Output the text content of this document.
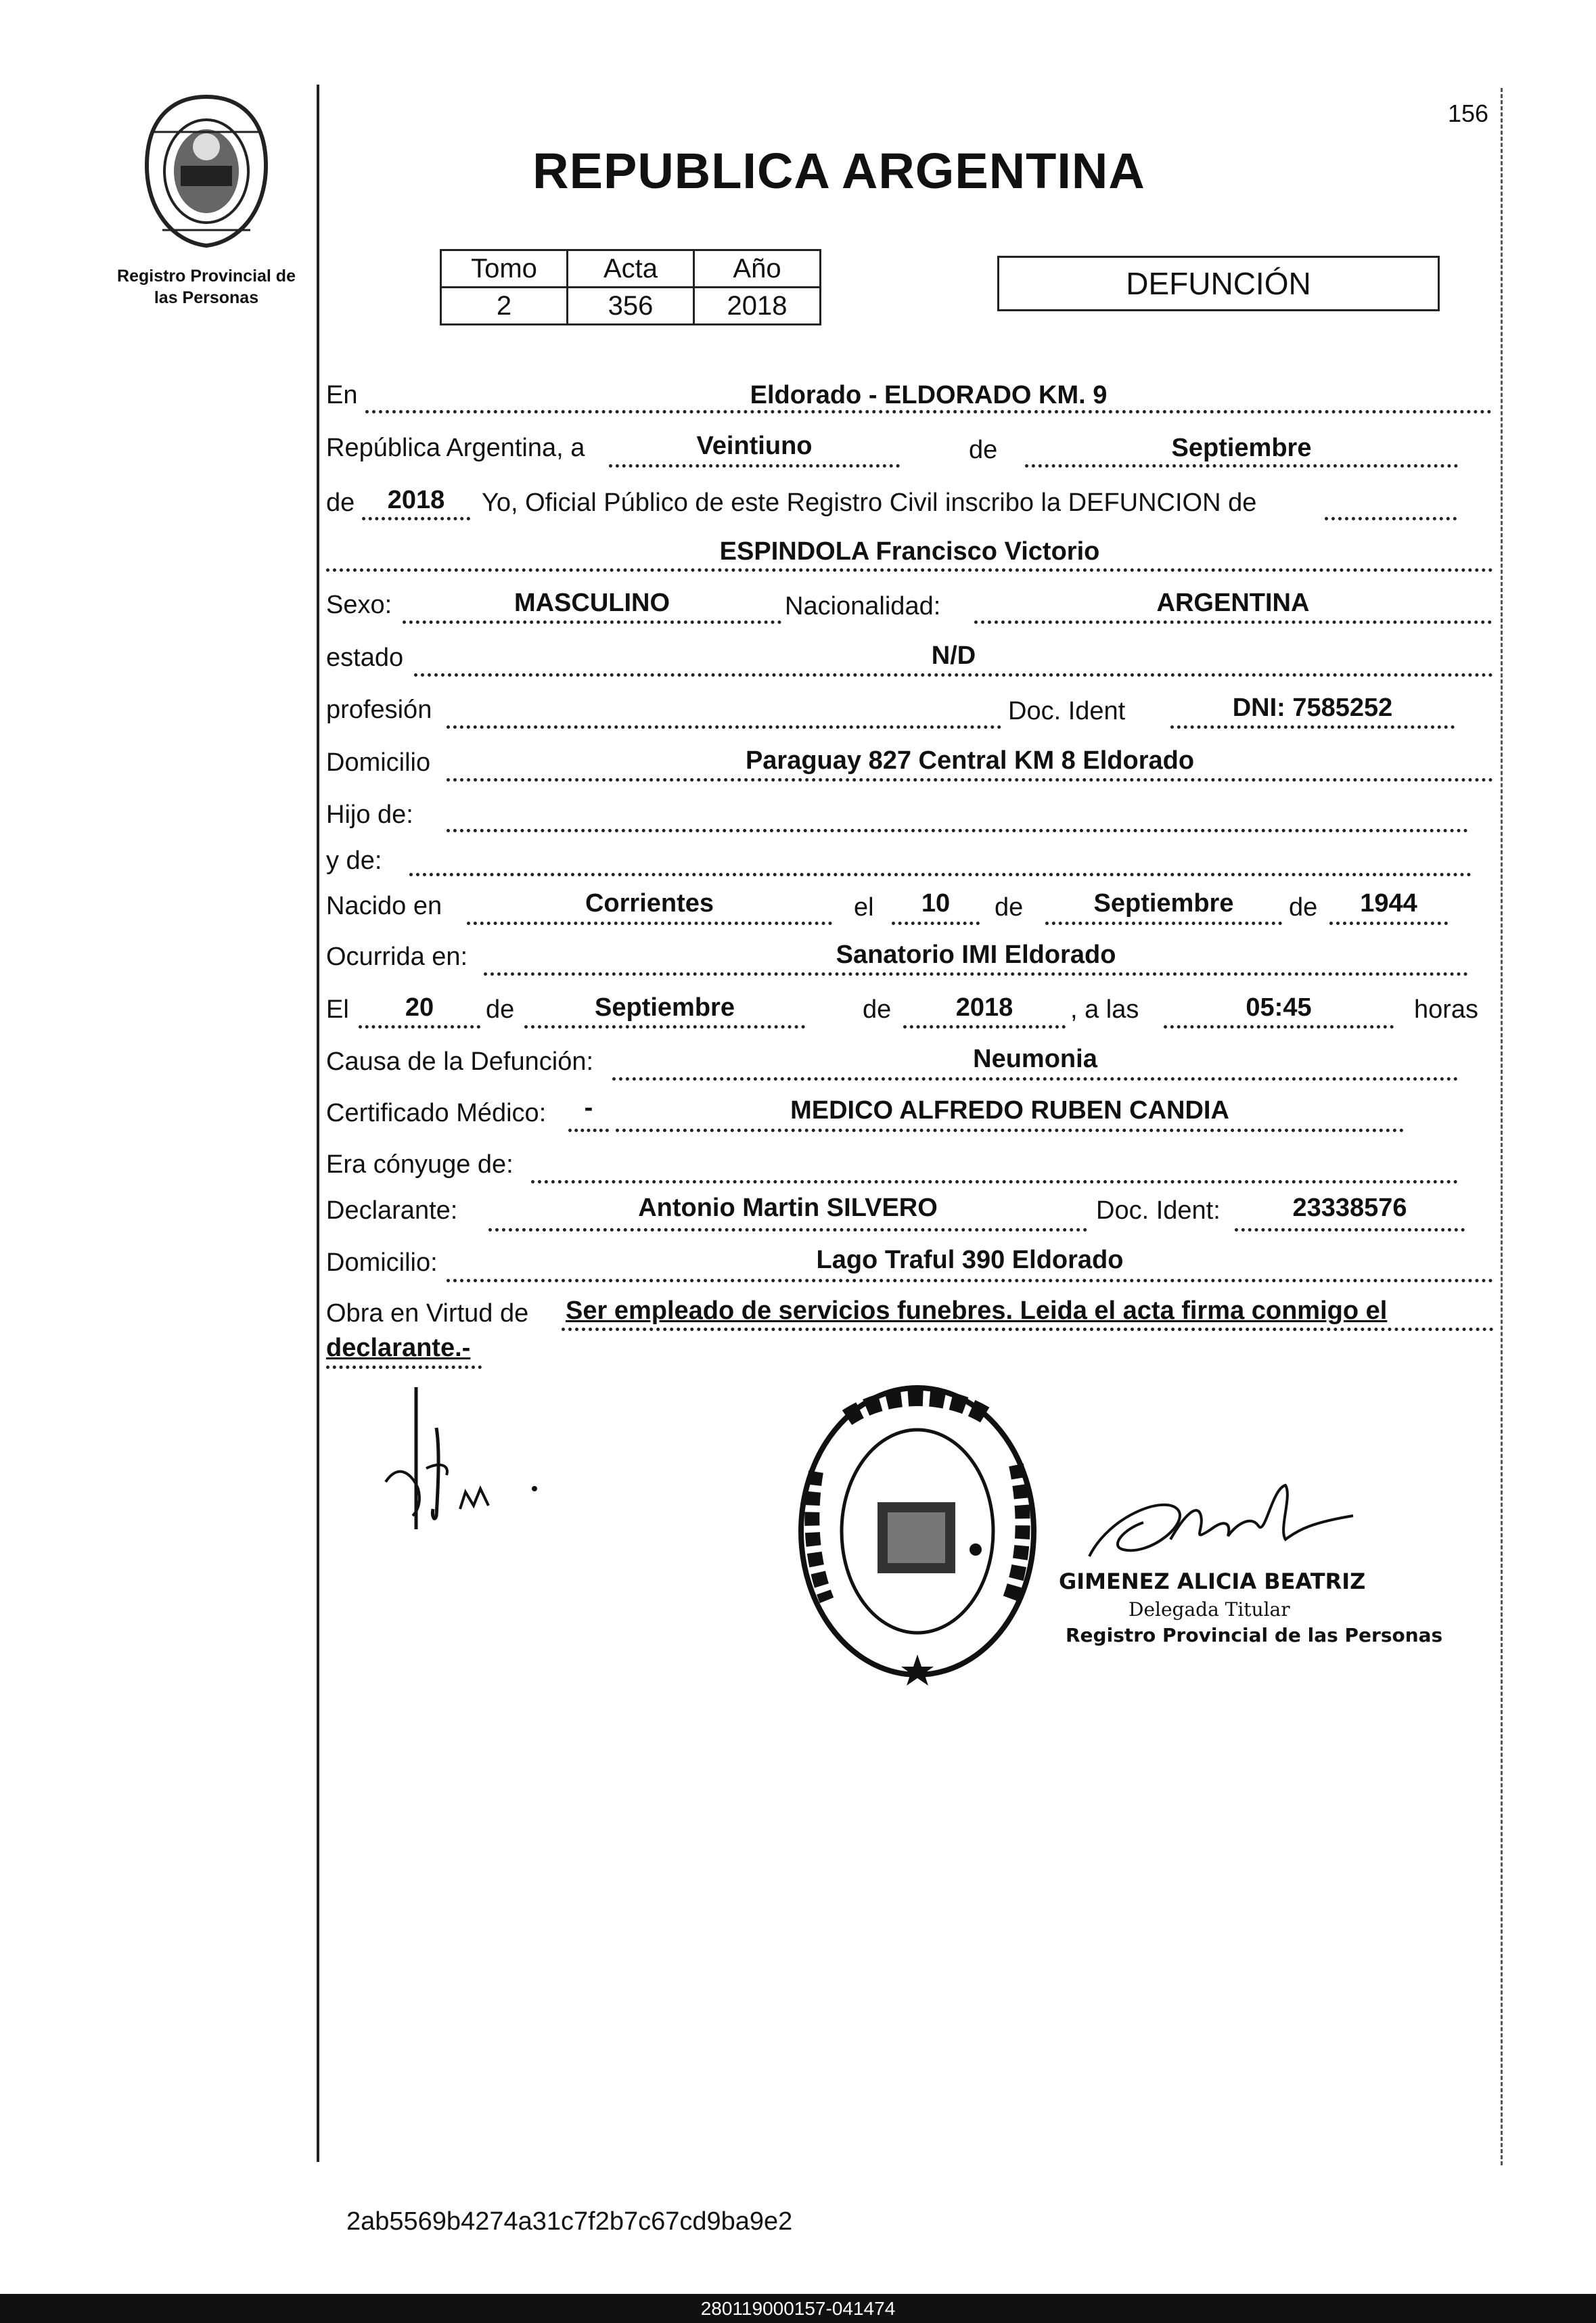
156
Registro Provincial de
las Personas
REPUBLICA ARGENTINA
Tomo	Acta	Año
2	356	2018
DEFUNCIÓN
En	Eldorado - ELDORADO KM. 9
República Argentina, a	Veintiuno	de	Septiembre
de	2018	Yo, Oficial Público de este Registro Civil inscribo la DEFUNCION de
ESPINDOLA Francisco Victorio
Sexo:	MASCULINO	Nacionalidad:	ARGENTINA
estado	N/D
profesión	Doc. Ident	DNI: 7585252
Domicilio	Paraguay 827 Central KM 8 Eldorado
Hijo de:
y de:
Nacido en	Corrientes	el	10	de	Septiembre	de	1944
Ocurrida en:	Sanatorio IMI Eldorado
El	20	de	Septiembre	de	2018	, a las	05:45	horas
Causa de la Defunción:	Neumonia
Certificado Médico:	-	MEDICO ALFREDO RUBEN CANDIA
Era cónyuge de:
Declarante:	Antonio Martin SILVERO	Doc. Ident:	23338576
Domicilio:	Lago Traful 390 Eldorado
Obra en Virtud de Ser empleado de servicios funebres. Leida el acta firma conmigo el
declarante.-
GIMENEZ ALICIA BEATRIZ
Delegada Titular
Registro Provincial de las Personas
2ab5569b4274a31c7f2b7c67cd9ba9e2
280119000157-041474
